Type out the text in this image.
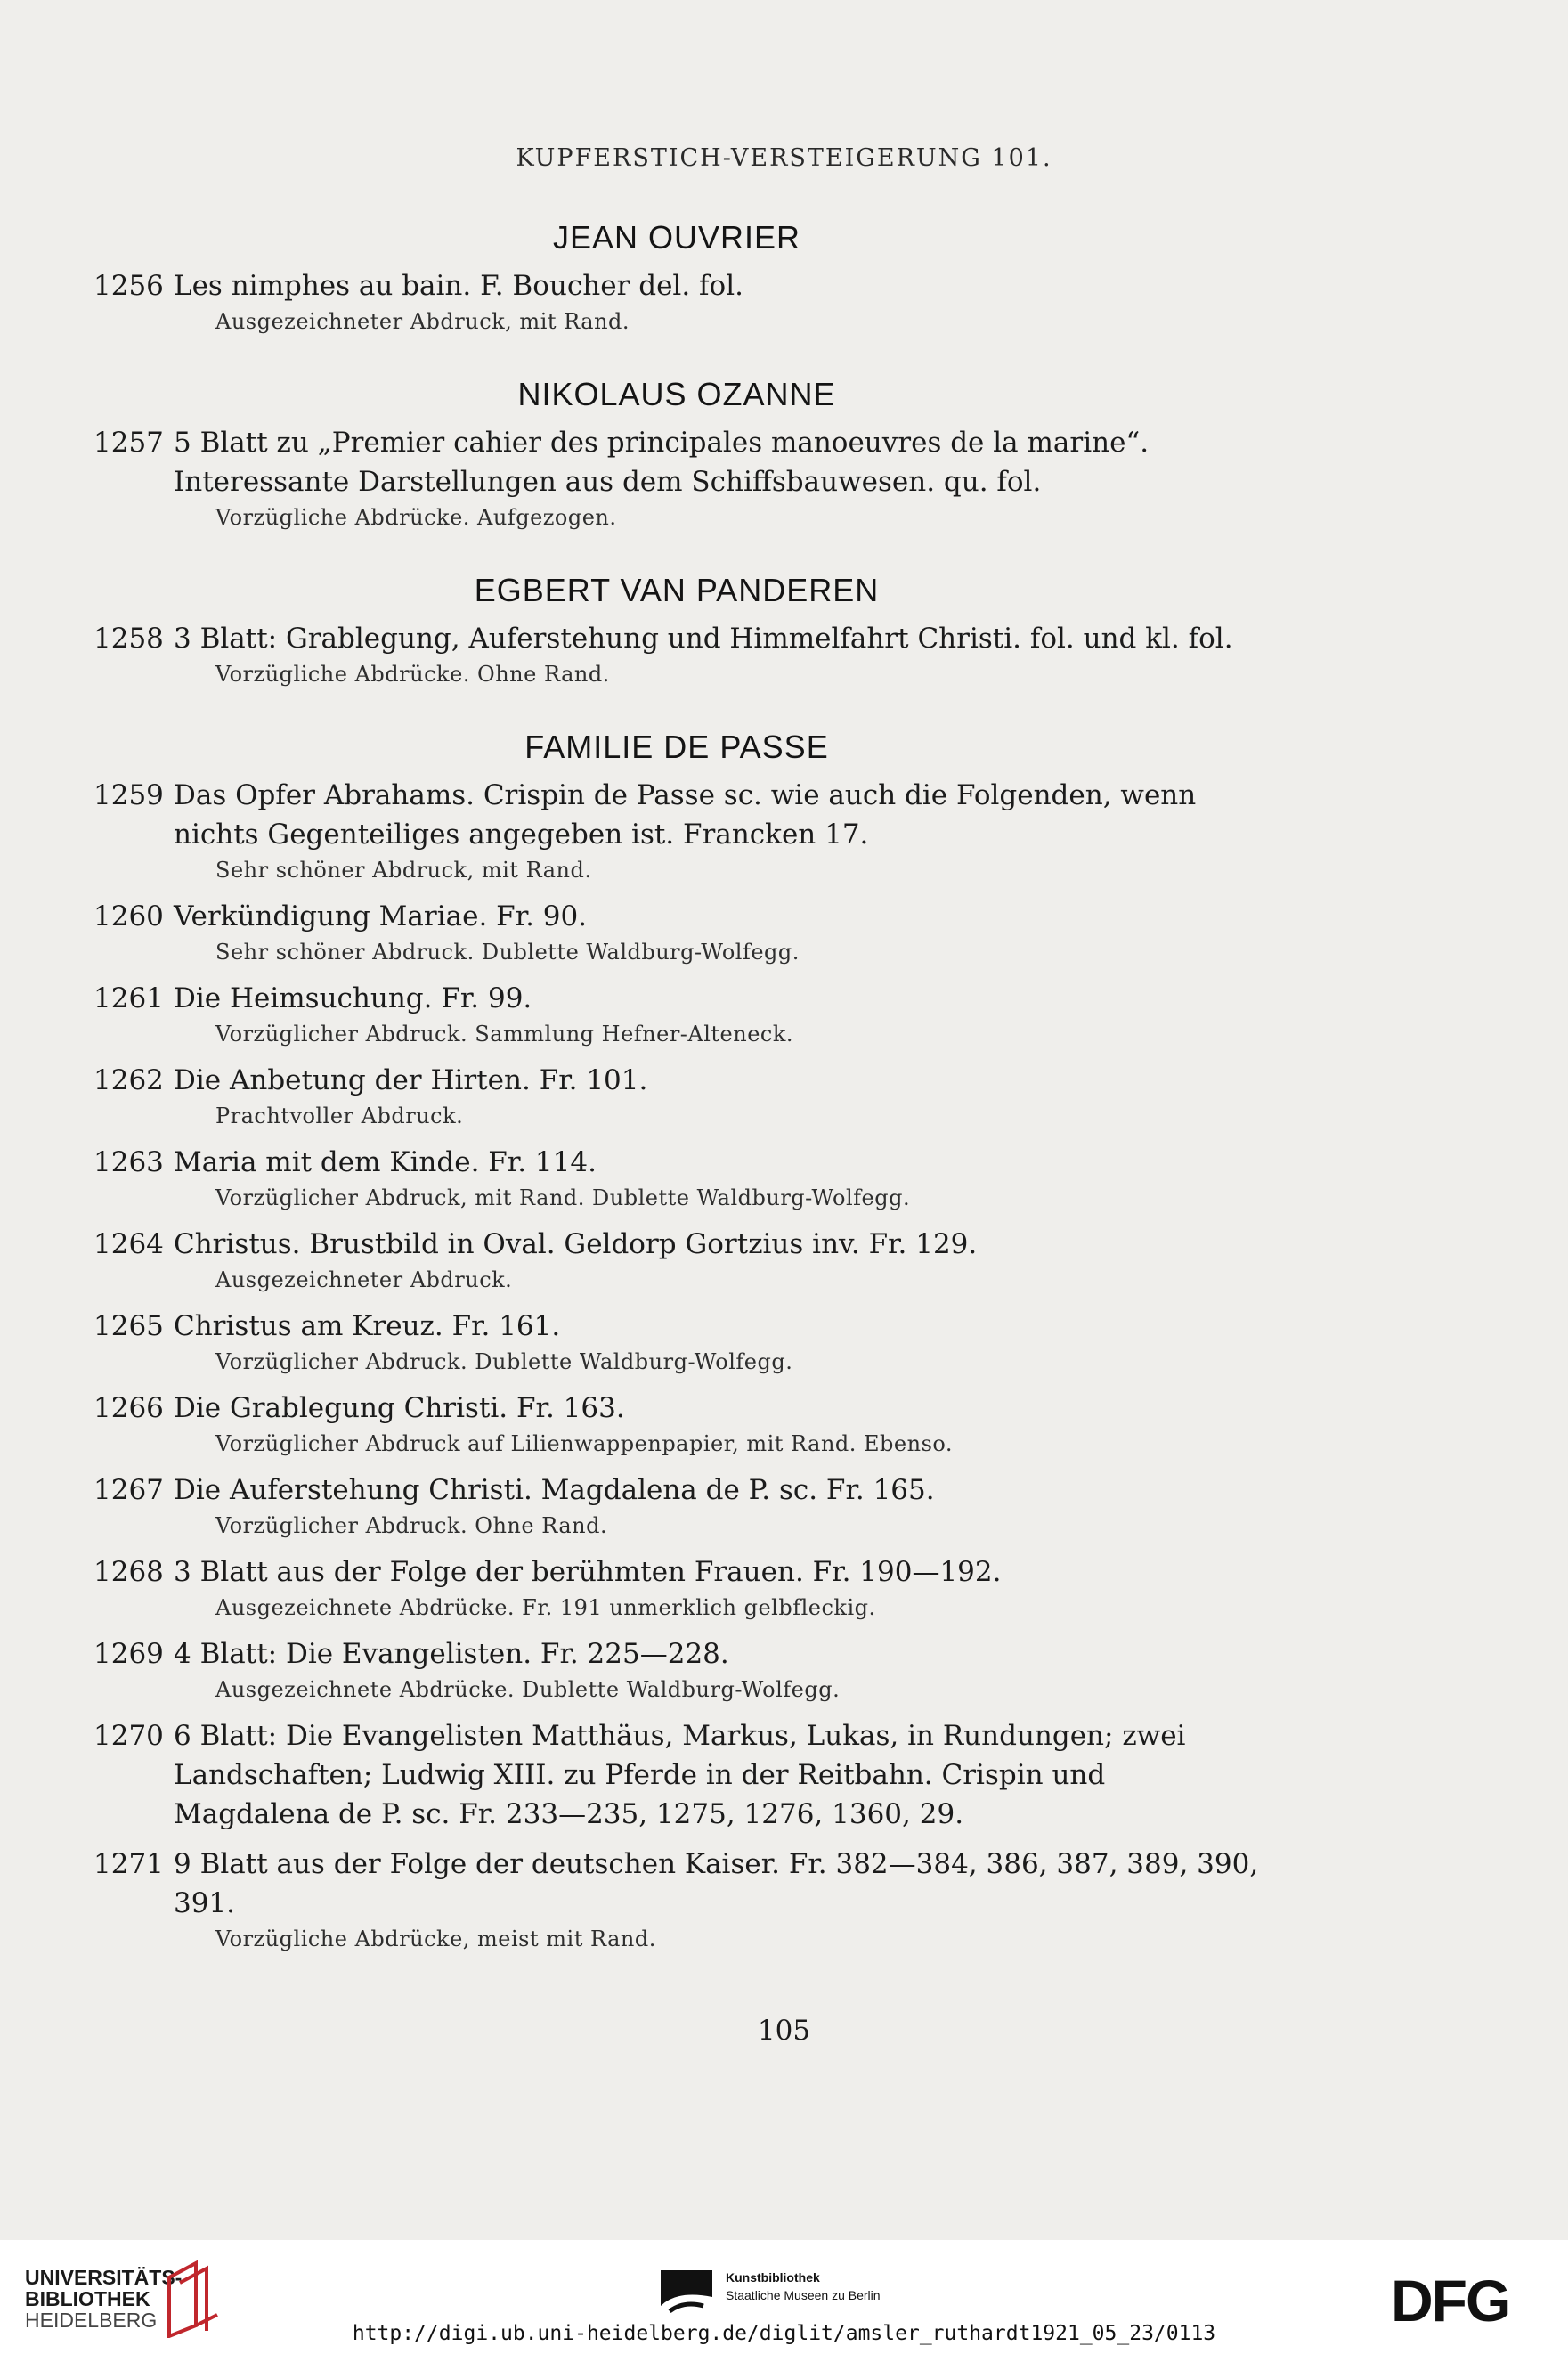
KUPFERSTICH-VERSTEIGERUNG 101.
JEAN OUVRIER
1256 Les nimphes au bain. F. Boucher del. fol.
Ausgezeichneter Abdruck, mit Rand.
NIKOLAUS OZANNE
1257 5 Blatt zu „Premier cahier des principales manoeuvres de la marine“. Interessante Darstellungen aus dem Schiffsbauwesen. qu. fol.
Vorzügliche Abdrücke. Aufgezogen.
EGBERT VAN PANDEREN
1258 3 Blatt: Grablegung, Auferstehung und Himmelfahrt Christi. fol. und kl. fol.
Vorzügliche Abdrücke. Ohne Rand.
FAMILIE DE PASSE
1259 Das Opfer Abrahams. Crispin de Passe sc. wie auch die Folgenden, wenn nichts Gegenteiliges angegeben ist. Francken 17.
Sehr schöner Abdruck, mit Rand.
1260 Verkündigung Mariae. Fr. 90.
Sehr schöner Abdruck. Dublette Waldburg-Wolfegg.
1261 Die Heimsuchung. Fr. 99.
Vorzüglicher Abdruck. Sammlung Hefner-Alteneck.
1262 Die Anbetung der Hirten. Fr. 101.
Prachtvoller Abdruck.
1263 Maria mit dem Kinde. Fr. 114.
Vorzüglicher Abdruck, mit Rand. Dublette Waldburg-Wolfegg.
1264 Christus. Brustbild in Oval. Geldorp Gortzius inv. Fr. 129.
Ausgezeichneter Abdruck.
1265 Christus am Kreuz. Fr. 161.
Vorzüglicher Abdruck. Dublette Waldburg-Wolfegg.
1266 Die Grablegung Christi. Fr. 163.
Vorzüglicher Abdruck auf Lilienwappenpapier, mit Rand. Ebenso.
1267 Die Auferstehung Christi. Magdalena de P. sc. Fr. 165.
Vorzüglicher Abdruck. Ohne Rand.
1268 3 Blatt aus der Folge der berühmten Frauen. Fr. 190—192.
Ausgezeichnete Abdrücke. Fr. 191 unmerklich gelbfleckig.
1269 4 Blatt: Die Evangelisten. Fr. 225—228.
Ausgezeichnete Abdrücke. Dublette Waldburg-Wolfegg.
1270 6 Blatt: Die Evangelisten Matthäus, Markus, Lukas, in Rundungen; zwei Landschaften; Ludwig XIII. zu Pferde in der Reitbahn. Crispin und Magdalena de P. sc. Fr. 233—235, 1275, 1276, 1360, 29.
1271 9 Blatt aus der Folge der deutschen Kaiser. Fr. 382—384, 386, 387, 389, 390, 391.
Vorzügliche Abdrücke, meist mit Rand.
105
UNIVERSITÄTS-
BIBLIOTHEK
HEIDELBERG
Kunstbibliothek
Staatliche Museen zu Berlin	DFG
http://digi.ub.uni-heidelberg.de/diglit/amsler_ruthardt1921_05_23/0113
